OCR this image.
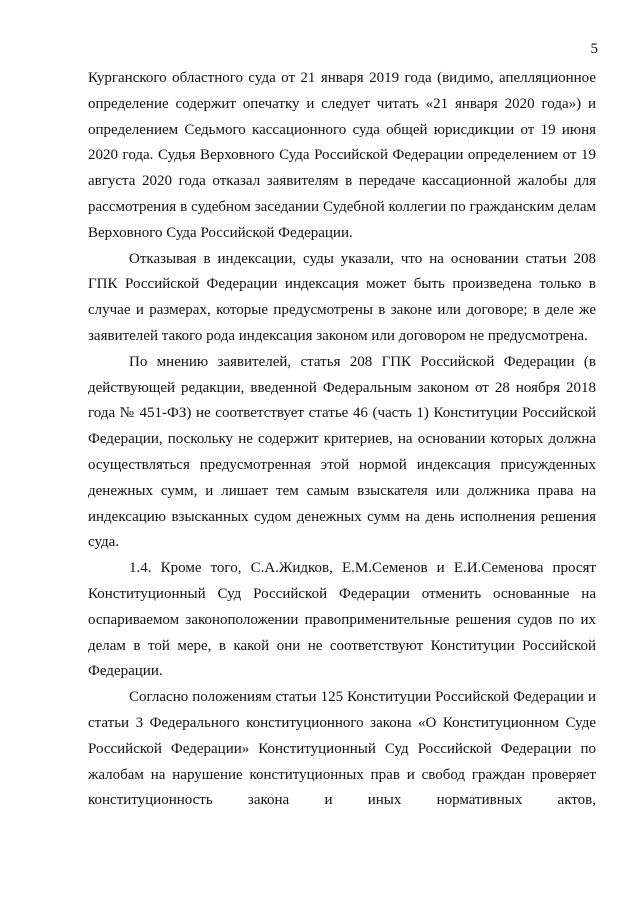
5

Курганского областного суда от 21 января 2019 года (видимо, апелляционное определение содержит опечатку и следует читать «21 января 2020 года») и определением Седьмого кассационного суда общей юрисдикции от 19 июня 2020 года. Судья Верховного Суда Российской Федерации определением от 19 августа 2020 года отказал заявителям в передаче кассационной жалобы для рассмотрения в судебном заседании Судебной коллегии по гражданским делам Верховного Суда Российской Федерации.

Отказывая в индексации, суды указали, что на основании статьи 208 ГПК Российской Федерации индексация может быть произведена только в случае и размерах, которые предусмотрены в законе или договоре; в деле же заявителей такого рода индексация законом или договором не предусмотрена.

По мнению заявителей, статья 208 ГПК Российской Федерации (в действующей редакции, введенной Федеральным законом от 28 ноября 2018 года № 451-ФЗ) не соответствует статье 46 (часть 1) Конституции Российской Федерации, поскольку не содержит критериев, на основании которых должна осуществляться предусмотренная этой нормой индексация присужденных денежных сумм, и лишает тем самым взыскателя или должника права на индексацию взысканных судом денежных сумм на день исполнения решения суда.

1.4. Кроме того, С.А.Жидков, Е.М.Семенов и Е.И.Семенова просят Конституционный Суд Российской Федерации отменить основанные на оспариваемом законоположении правоприменительные решения судов по их делам в той мере, в какой они не соответствуют Конституции Российской Федерации.

Согласно положениям статьи 125 Конституции Российской Федерации и статьи 3 Федерального конституционного закона «О Конституционном Суде Российской Федерации» Конституционный Суд Российской Федерации по жалобам на нарушение конституционных прав и свобод граждан проверяет конституционность закона и иных нормативных актов,
